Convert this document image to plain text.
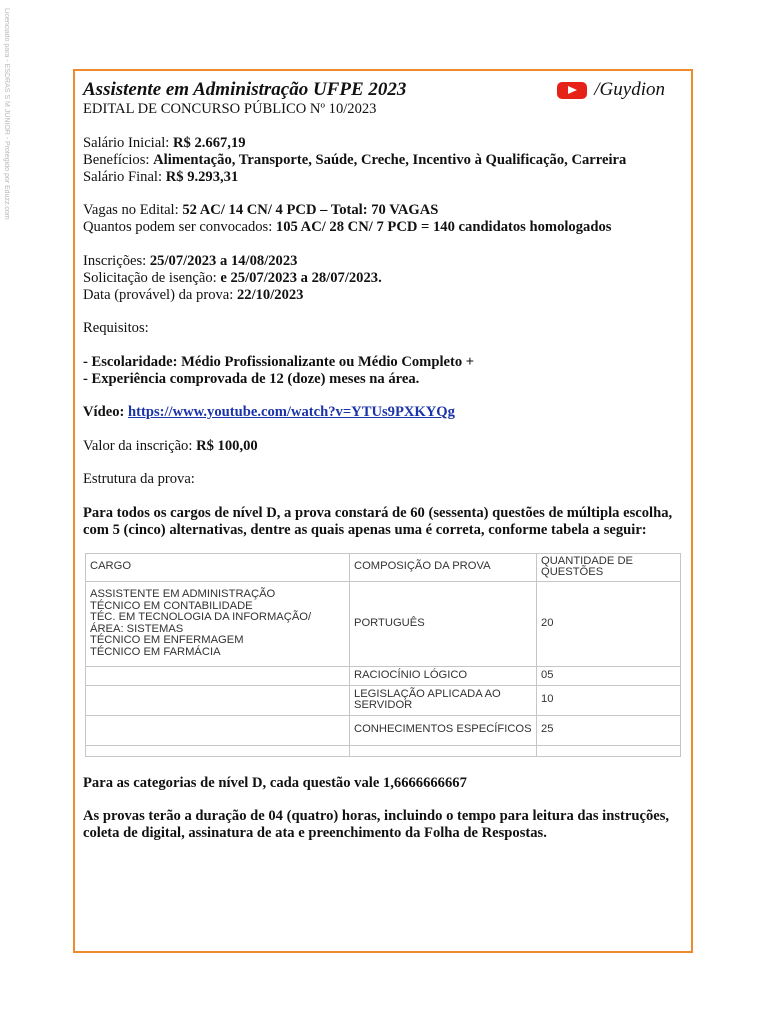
Licenciado para - ESDRAS S M JUNIOR - Protegido por Eduzz.com	Assistente em Administração UFPE 2023	/Guydion

EDITAL DE CONCURSO PÚBLICO Nº 10/2023

Salário Inicial: R$ 2.667,19

Benefícios: Alimentação, Transporte, Saúde, Creche, Incentivo à Qualificação, Carreira

Salário Final: R$ 9.293,31

Vagas no Edital: 52 AC/ 14 CN/ 4 PCD – Total: 70 VAGAS

Quantos podem ser convocados: 105 AC/ 28 CN/ 7 PCD = 140 candidatos homologados

Inscrições: 25/07/2023 a 14/08/2023

Solicitação de isenção: e 25/07/2023 a 28/07/2023.

Data (provável) da prova: 22/10/2023

Requisitos:

- Escolaridade: Médio Profissionalizante ou Médio Completo +

- Experiência comprovada de 12 (doze) meses na área.

Vídeo: https://www.youtube.com/watch?v=YTUs9PXKYQg

Valor da inscrição: R$ 100,00

Estrutura da prova:

Para todos os cargos de nível D, a prova constará de 60 (sessenta) questões de múltipla escolha, com 5 (cinco) alternativas, dentre as quais apenas uma é correta, conforme tabela a seguir:

CARGO	COMPOSIÇÃO DA PROVA	QUANTIDADE DE QUESTÕES

ASSISTENTE EM ADMINISTRAÇÃO
TÉCNICO EM CONTABILIDADE
TÉC. EM TECNOLOGIA DA INFORMAÇÃO/ ÁREA: SISTEMAS
TÉCNICO EM ENFERMAGEM
TÉCNICO EM FARMÁCIA	PORTUGUÊS	20
	RACIOCÍNIO LÓGICO	05
	LEGISLAÇÃO APLICADA AO SERVIDOR	10
	CONHECIMENTOS ESPECÍFICOS	25

Para as categorias de nível D, cada questão vale 1,6666666667

As provas terão a duração de 04 (quatro) horas, incluindo o tempo para leitura das instruções, coleta de digital, assinatura de ata e preenchimento da Folha de Respostas.
